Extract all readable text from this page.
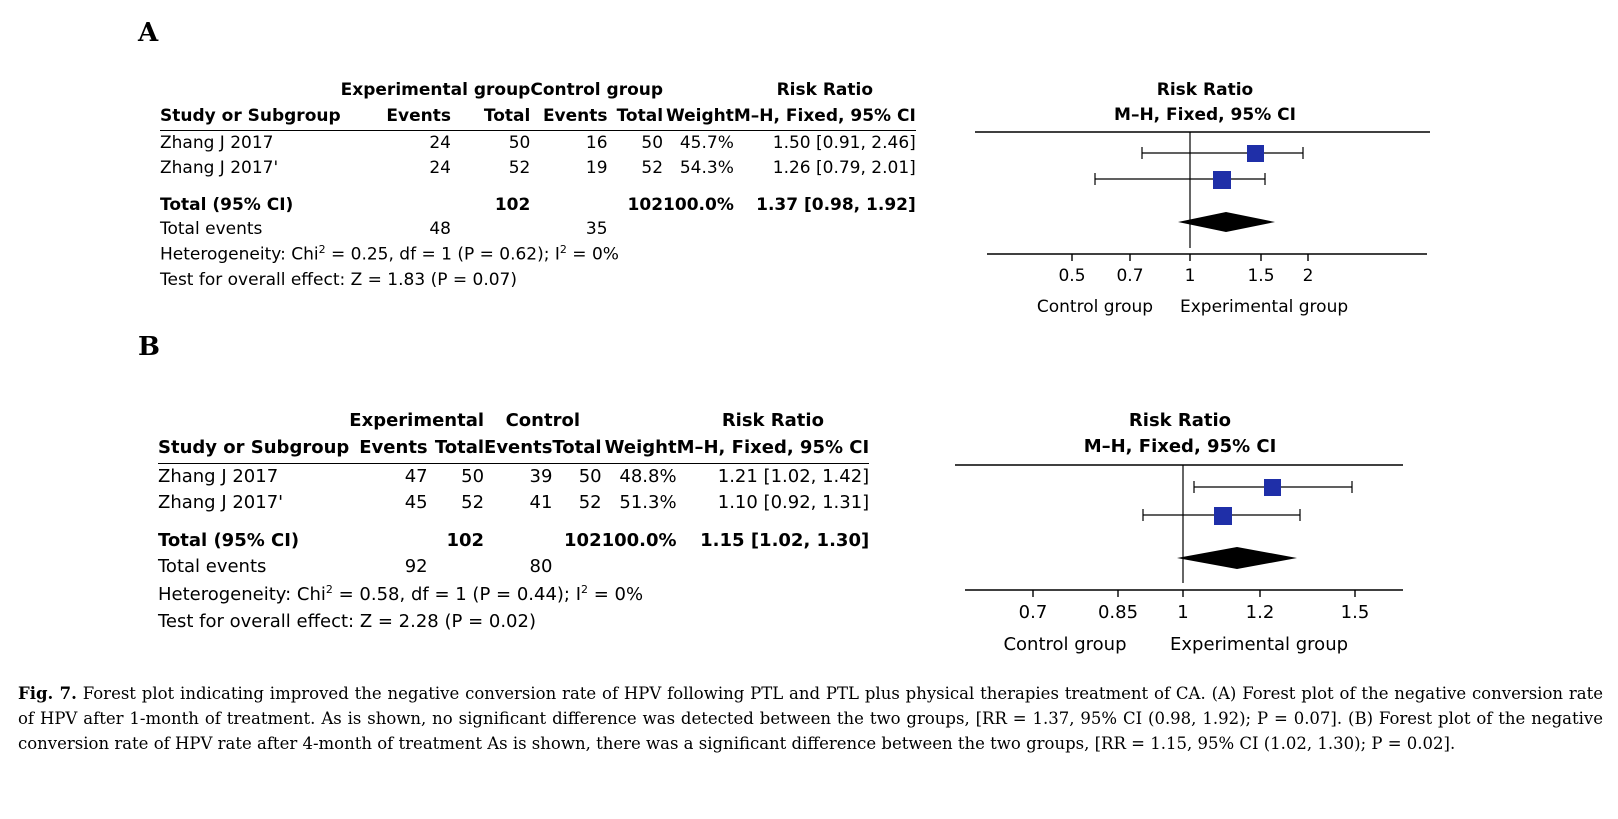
A
	Experimental group		Control group			Risk Ratio
Study or Subgroup	Events	Total	Events	Total	Weight	M–H, Fixed, 95% CI
Zhang J 2017	24	50	16	50	45.7%	1.50 [0.91, 2.46]
Zhang J 2017'	24	52	19	52	54.3%	1.26 [0.79, 2.01]

Total (95% CI)		102		102	100.0%	1.37 [0.98, 1.92]
Total events	48		35			
Heterogeneity: Chi$^2$ = 0.25, df = 1 (P = 0.62); $I^2 = 0\%$
Test for overall effect: Z = 1.83 (P = 0.07)
Risk Ratio
M–H, Fixed, 95% CI
0.5 0.7 1	1.5 2
Control group	Experimental group
B
	Experimental		Control			Risk Ratio
Study or Subgroup	Events	Total	Events	Total	Weight	M–H, Fixed, 95% CI
Zhang J 2017	47	50	39	50	48.8%	1.21 [1.02, 1.42]
Zhang J 2017'	45	52	41	52	51.3%	1.10 [0.92, 1.31]

Total (95% CI)		102		102	100.0%	1.15 [1.02, 1.30]
Total events	92		80			
Heterogeneity: Chi$^2$ = 0.58, df = 1 (P = 0.44); $I^2 = 0\%$
Test for overall effect: Z = 2.28 (P = 0.02)
Risk Ratio
M–H, Fixed, 95% CI
0.7	0.85 1	1.2	1.5
Control group	Experimental group
Fig. 7. Forest plot indicating improved the negative conversion rate of HPV following PTL and PTL plus physical therapies treatment of CA. (A) Forest plot of the negative conversion rate of HPV after 1-month of treatment. As is shown, no significant difference was detected between the two groups, [RR = 1.37, 95% CI (0.98, 1.92); P = 0.07]. (B) Forest plot of the negative conversion rate of HPV rate after 4-month of treatment As is shown, there was a significant difference between the two groups, [RR = 1.15, 95% CI (1.02, 1.30); P = 0.02].
